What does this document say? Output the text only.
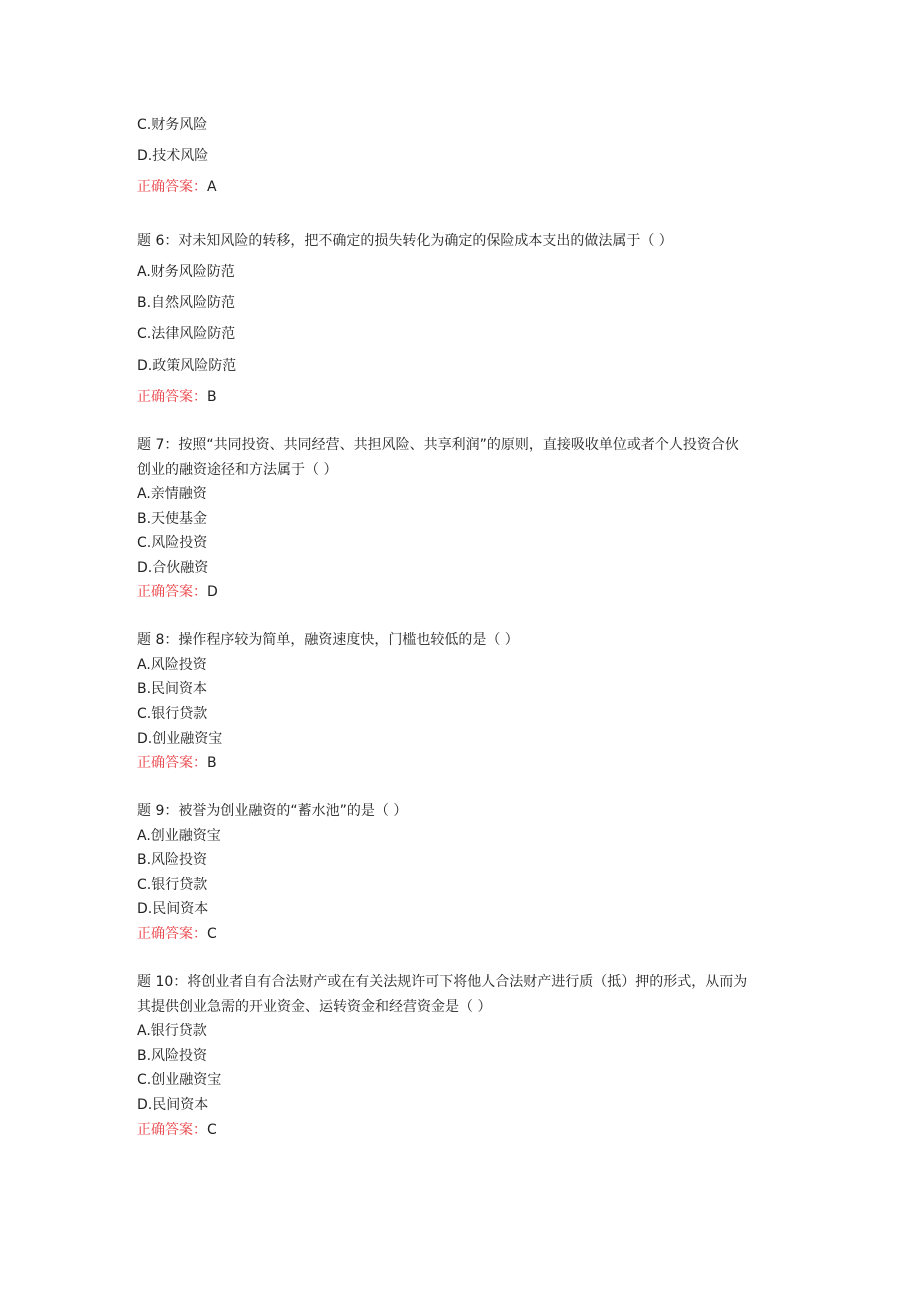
C.财务风险
D.技术风险
正确答案：A
题 6：对未知风险的转移，把不确定的损失转化为确定的保险成本支出的做法属于（ ）
A.财务风险防范
B.自然风险防范
C.法律风险防范
D.政策风险防范
正确答案：B
题 7：按照“共同投资、共同经营、共担风险、共享利润”的原则，直接吸收单位或者个人投资合伙
创业的融资途径和方法属于（ ）
A.亲情融资
B.天使基金
C.风险投资
D.合伙融资
正确答案：D
题 8：操作程序较为简单，融资速度快，门槛也较低的是（ ）
A.风险投资
B.民间资本
C.银行贷款
D.创业融资宝
正确答案：B
题 9：被誉为创业融资的“蓄水池”的是（ ）
A.创业融资宝
B.风险投资
C.银行贷款
D.民间资本
正确答案：C
题 10：将创业者自有合法财产或在有关法规许可下将他人合法财产进行质（抵）押的形式，从而为
其提供创业急需的开业资金、运转资金和经营资金是（ ）
A.银行贷款
B.风险投资
C.创业融资宝
D.民间资本
正确答案：C
